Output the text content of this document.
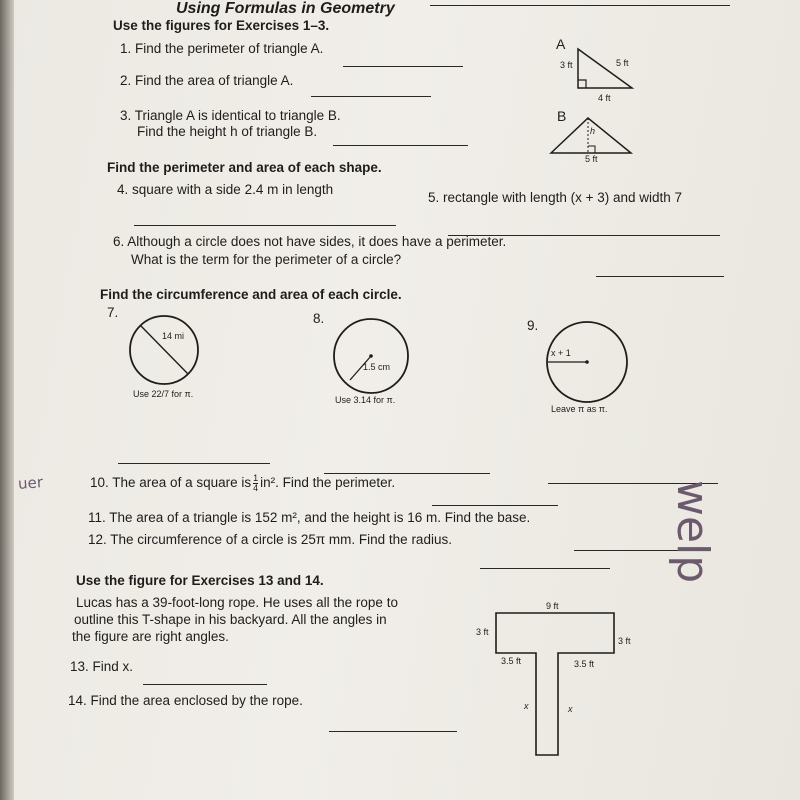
Using Formulas in Geometry
Use the figures for Exercises 1–3.
1. Find the perimeter of triangle A.
2. Find the area of triangle A.
3. Triangle A is identical to triangle B.
Find the height h of triangle B.
A
3 ft	5 ft
4 ft
B
h
5 ft
Find the perimeter and area of each shape.
4. square with a side 2.4 m in length
5. rectangle with length (x + 3) and width 7
6. Although a circle does not have sides, it does have a perimeter.
What is the term for the perimeter of a circle?
Find the circumference and area of each circle.
7.
14 mi
Use 22/7 for π.
8.
1.5 cm
Use 3.14 for π.
9.
x + 1
Leave π as π.
10. The area of a square is $\frac{1}{4} in^2$. Find the perimeter.
11. The area of a triangle is 152 m², and the height is 16 m. Find the base.
12. The circumference of a circle is 25π mm. Find the radius.
Use the figure for Exercises 13 and 14.
Lucas has a 39-foot-long rope. He uses all the rope to
outline this T-shape in his backyard. All the angles in
the figure are right angles.
13. Find x.
14. Find the area enclosed by the rope.
9 ft
3 ft
3 ft
3.5 ft	3.5 ft
x	x
uer	welp
